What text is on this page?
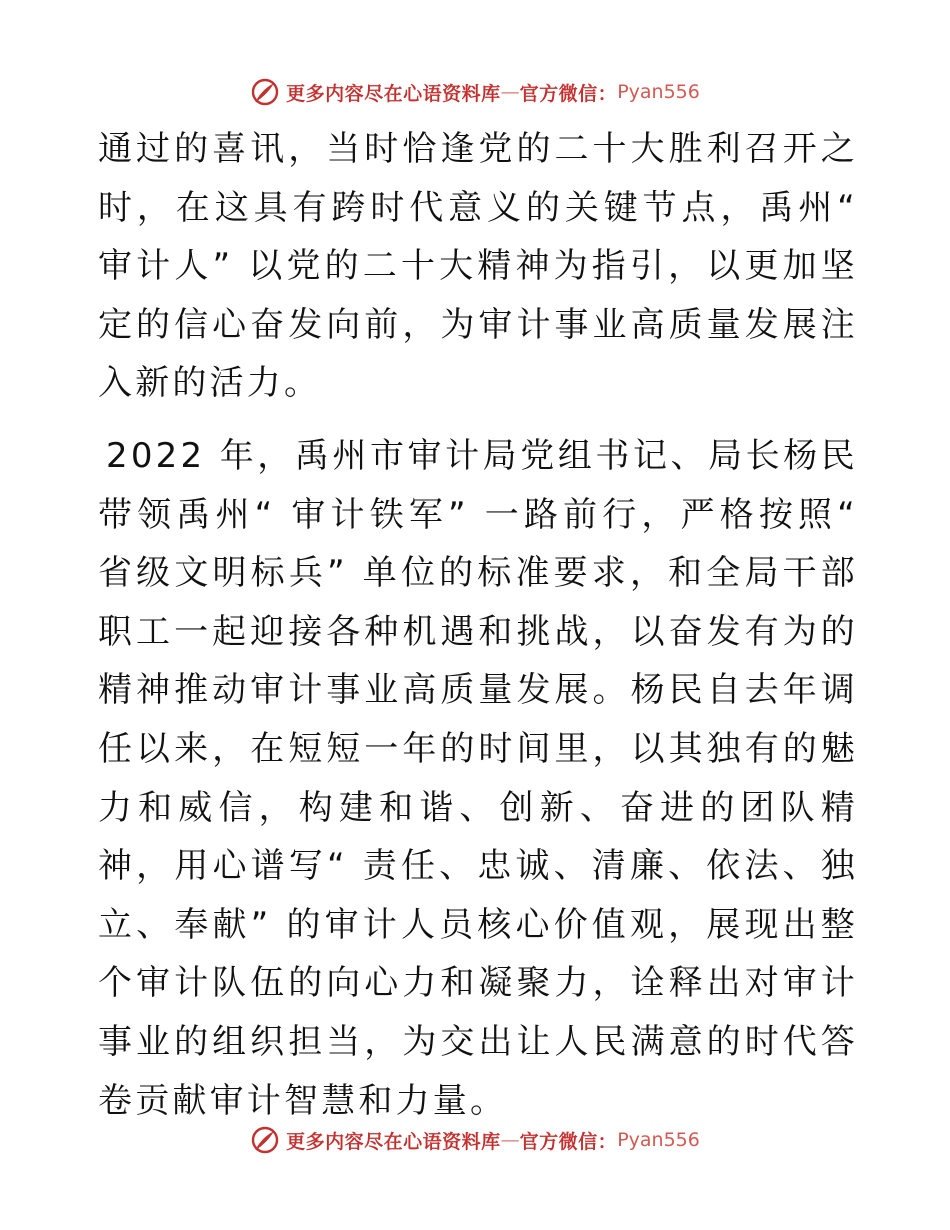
更多内容尽在心语资料库 — 官方微信： Pyan556

通过的喜讯，当时恰逢党的二十大胜利召开之时，在这具有跨时代意义的关键节点，禹州“ 审计人” 以党的二十大精神为指引，以更加坚定的信心奋发向前，为审计事业高质量发展注入新的活力。

2022 年，禹州市审计局党组书记、局长杨民带领禹州“ 审计铁军” 一路前行，严格按照“ 省级文明标兵” 单位的标准要求，和全局干部职工一起迎接各种机遇和挑战，以奋发有为的精神推动审计事业高质量发展。杨民自去年调任以来，在短短一年的时间里，以其独有的魅力和威信，构建和谐、创新、奋进的团队精神，用心谱写“ 责任、忠诚、清廉、依法、独立、奉献” 的审计人员核心价值观，展现出整个审计队伍的向心力和凝聚力，诠释出对审计事业的组织担当，为交出让人民满意的时代答卷贡献审计智慧和力量。

更多内容尽在心语资料库 — 官方微信： Pyan556
